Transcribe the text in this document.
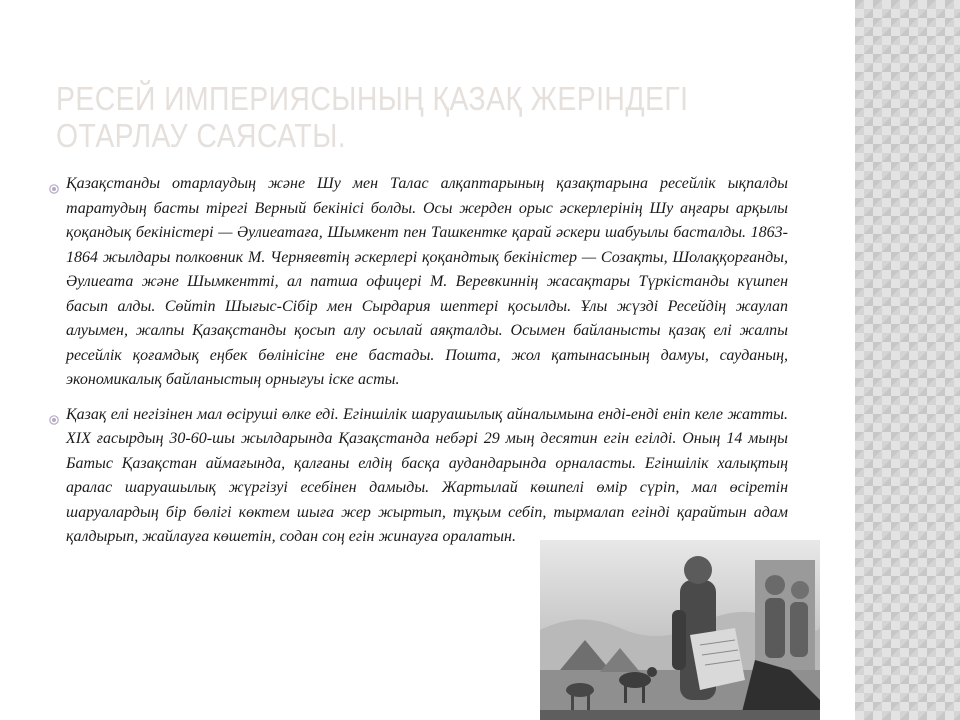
РЕСЕЙ ИМПЕРИЯСЫНЫҢ ҚАЗАҚ ЖЕРІНДЕГІ ОТАРЛАУ САЯСАТЫ.

Қазақстанды отарлаудың және Шу мен Талас алқаптарының қазақтарына ресейлік ықпалды таратудың басты тірегі Верный бекінісі болды. Осы жерден орыс әскерлерінің Шу аңғары арқылы қоқандық бекіністері — Әулиеатаға, Шымкент пен Ташкентке қарай әскери шабуылы басталды. 1863-1864 жылдары полковник М. Черняевтің әскерлері қоқандтық бекіністер — Созақты, Шолаққорғанды, Әулиеата және Шымкентті, ал патша офицері М. Веревкиннің жасақтары Түркістанды күшпен басып алды. Сөйтіп Шығыс-Сібір мен Сырдария шептері қосылды. Ұлы жүзді Ресейдің жаулап алуымен, жалпы Қазақстанды қосып алу осылай аяқталды. Осымен байланысты қазақ елі жалпы ресейлік қоғамдық еңбек бөлінісіне ене бастады. Пошта, жол қатынасының дамуы, сауданың, экономикалық байланыстың орнығуы іске асты.

Қазақ елі негізінен мал өсіруші өлке еді. Егіншілік шаруашылық айналымына енді-енді еніп келе жатты. XIX ғасырдың 30-60-шы жылдарында Қазақстанда небәрі 29 мың десятин егін егілді. Оның 14 мыңы Батыс Қазақстан аймағында, қалғаны елдің басқа аудандарында орналасты. Егіншілік халықтың аралас шаруашылық жүргізуі есебінен дамыды. Жартылай көшпелі өмір сүріп, мал өсіретін шаруалардың бір бөлігі көктем шыға жер жыртып, тұқым себіп, тырмалап егінді қарайтын адам қалдырып, жайлауға көшетін, содан соң егін жинауға оралатын.
